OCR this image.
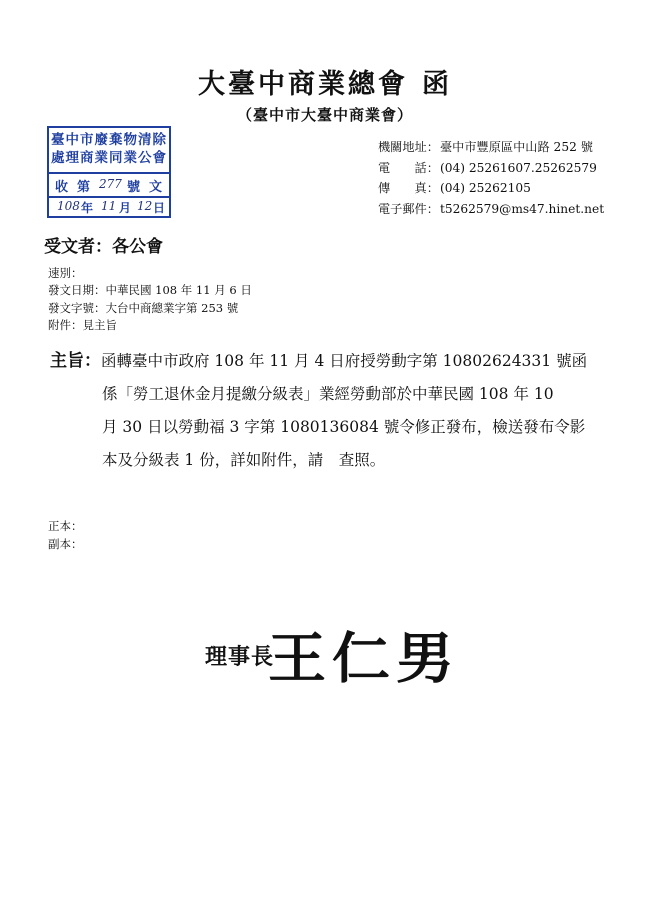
大臺中商業總會 函
（臺中市大臺中商業會）
臺中市廢棄物清除
處理商業同業公會
收 第 277 號 文
108 年 11 月 12 日
機關地址：臺中市豐原區中山路 252 號
電　　話：(04) 25261607.25262579
傳　　真：(04) 25262105
電子郵件：t5262579@ms47.hinet.net
受文者：各公會
速別：
發文日期：中華民國 108 年 11 月 6 日
發文字號：大台中商總業字第 253 號
附件：見主旨
主旨：函轉臺中市政府 108 年 11 月 4 日府授勞動字第 10802624331 號函
係「勞工退休金月提繳分級表」業經勞動部於中華民國 108 年 10
月 30 日以勞動福 3 字第 1080136084 號令修正發布，檢送發布令影
本及分級表 1 份，詳如附件，請　查照。
正本：
副本：
理事長
王仁男
